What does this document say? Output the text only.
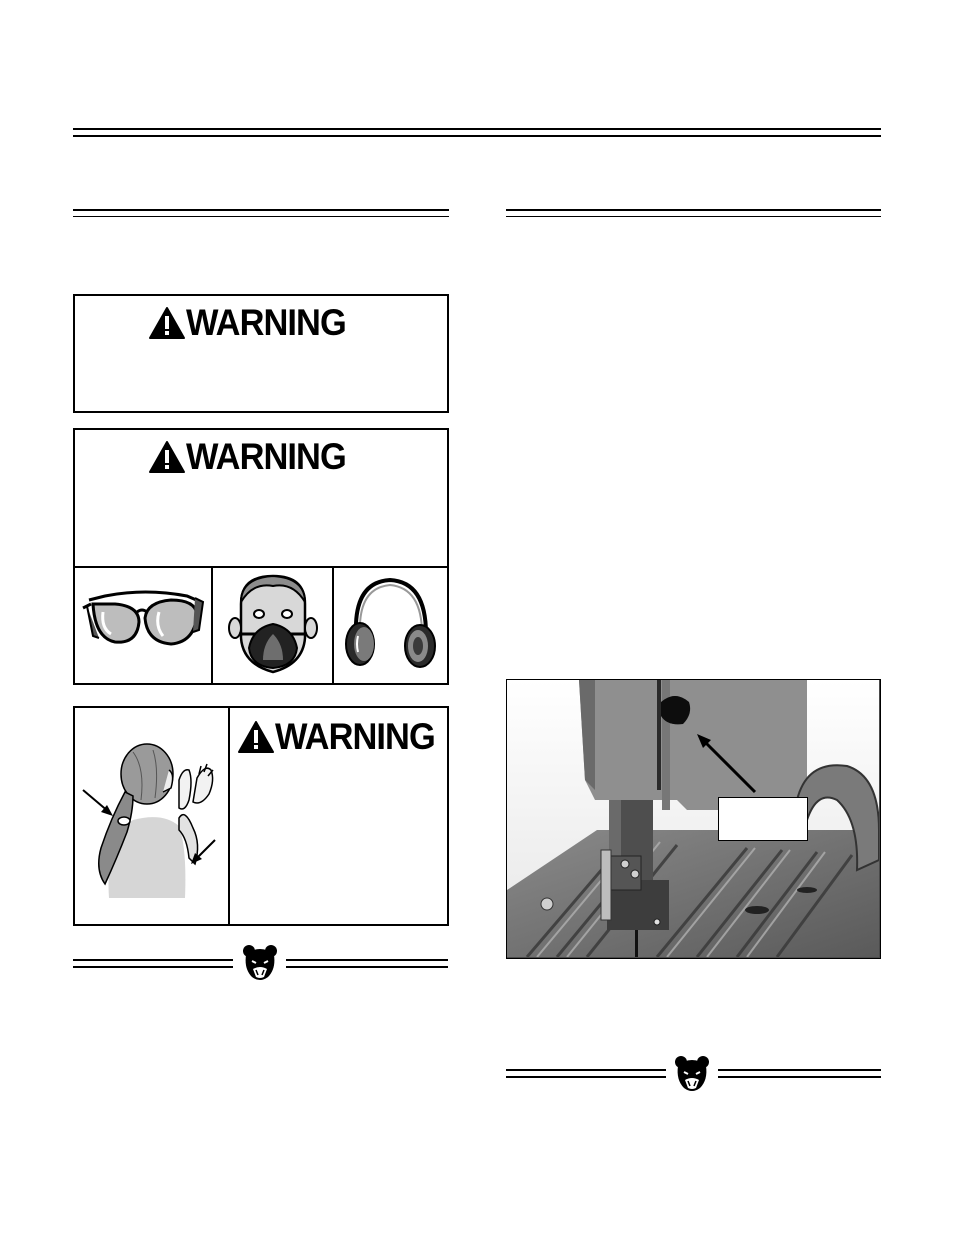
WARNING
WARNING
WARNING
